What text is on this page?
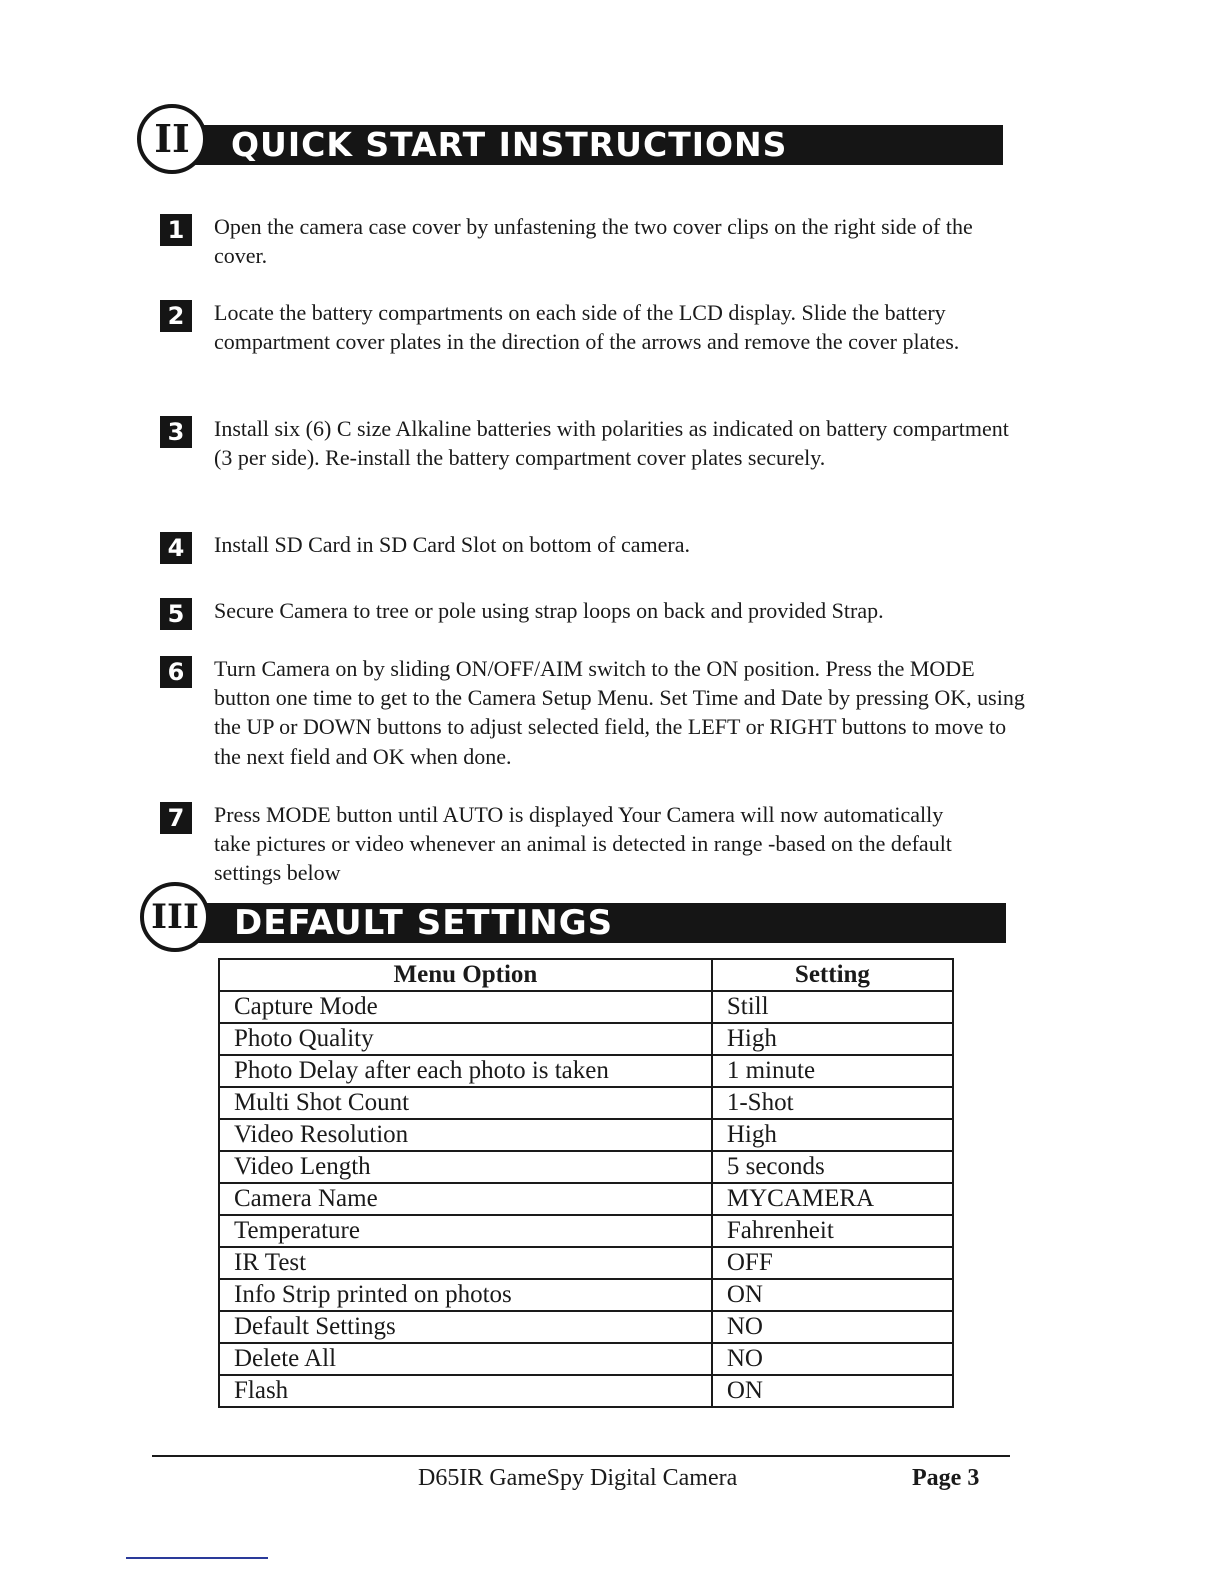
QUICK START INSTRUCTIONS
II
1	Open the camera case cover by unfastening the two cover clips on the right side of the cover.
2	Locate the battery compartments on each side of the LCD display. Slide the battery compartment cover plates in the direction of the arrows and remove the cover plates.
3	Install six (6) C size Alkaline batteries with polarities as indicated on battery compartment (3 per side). Re-install the battery compartment cover plates securely.
4	Install SD Card in SD Card Slot on bottom of camera.
5	Secure Camera to tree or pole using strap loops on back and provided Strap.
6	Turn Camera on by sliding ON/OFF/AIM switch to the ON position. Press the MODE button one time to get to the Camera Setup Menu. Set Time and Date by pressing OK, using the UP or DOWN buttons to adjust selected field, the LEFT or RIGHT buttons to move to the next field and OK when done.
7	Press MODE button until AUTO is displayed Your Camera will now automatically take pictures or video whenever an animal is detected in range -based on the default settings below
DEFAULT SETTINGS
III
Menu Option	Setting
Capture Mode	Still
Photo Quality	High
Photo Delay after each photo is taken	1 minute
Multi Shot Count	1-Shot
Video Resolution	High
Video Length	5 seconds
Camera Name	MYCAMERA
Temperature	Fahrenheit
IR Test	OFF
Info Strip printed on photos	ON
Default Settings	NO
Delete All	NO
Flash	ON
D65IR GameSpy Digital Camera	Page 3
